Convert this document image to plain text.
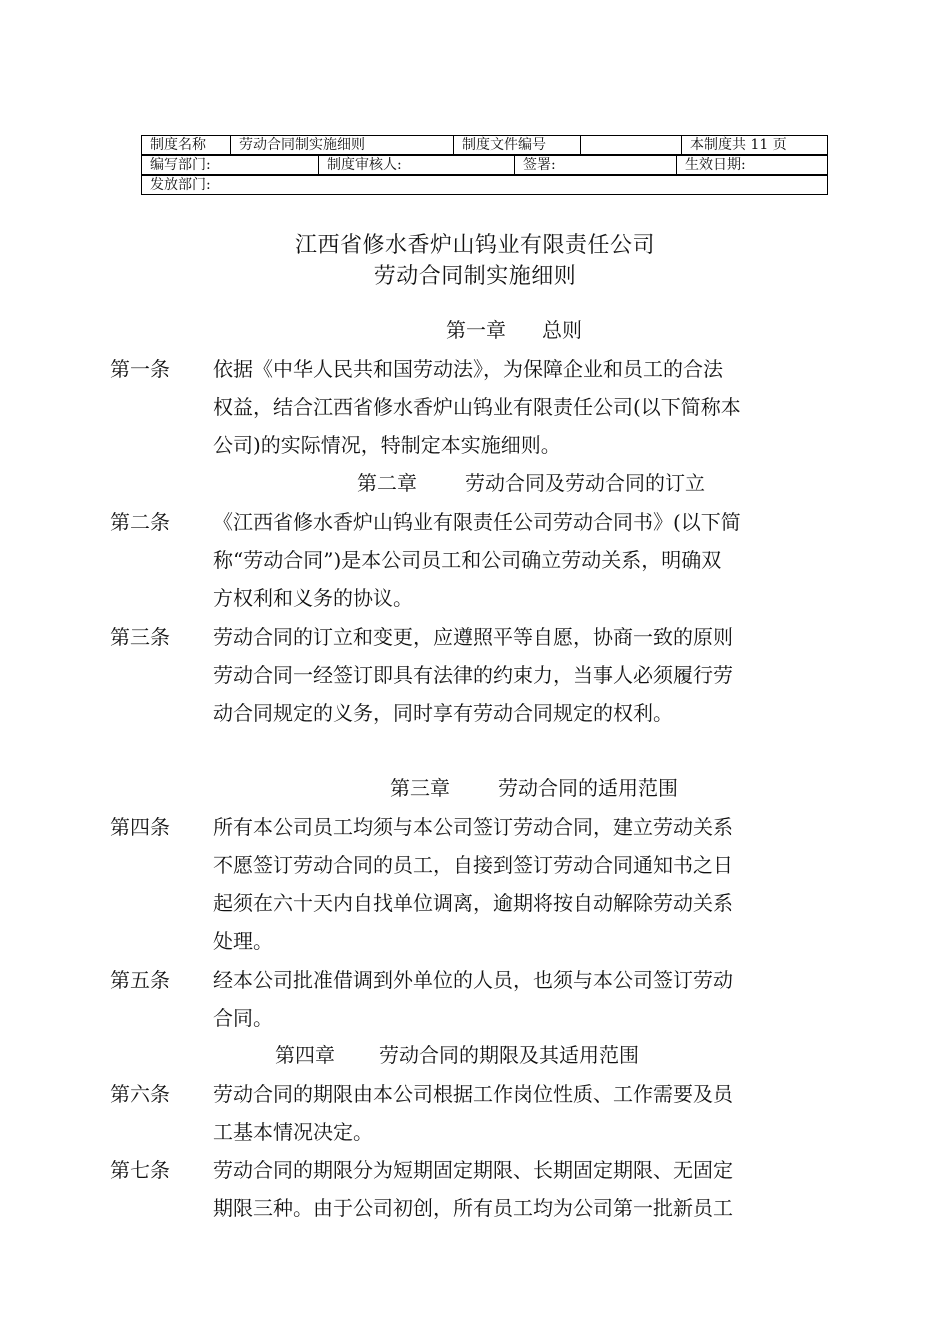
制度名称	劳动合同制实施细则	制度文件编号		本制度共 11 页
编写部门:	制度审核人:	签署:	生效日期:
发放部门:
江西省修水香炉山钨业有限责任公司
劳动合同制实施细则
第一章 总则
第一条 依据《中华人民共和国劳动法》，为保障企业和员工的合法
权益，结合江西省修水香炉山钨业有限责任公司(以下简称本
公司)的实际情况，特制定本实施细则。
第二章 劳动合同及劳动合同的订立
第二条 《江西省修水香炉山钨业有限责任公司劳动合同书》(以下简
称“劳动合同”)是本公司员工和公司确立劳动关系，明确双
方权利和义务的协议。
第三条 劳动合同的订立和变更，应遵照平等自愿，协商一致的原则
劳动合同一经签订即具有法律的约束力，当事人必须履行劳
动合同规定的义务，同时享有劳动合同规定的权利。
第三章 劳动合同的适用范围
第四条 所有本公司员工均须与本公司签订劳动合同，建立劳动关系
不愿签订劳动合同的员工，自接到签订劳动合同通知书之日
起须在六十天内自找单位调离，逾期将按自动解除劳动关系
处理。
第五条 经本公司批准借调到外单位的人员，也须与本公司签订劳动
合同。
第四章 劳动合同的期限及其适用范围
第六条 劳动合同的期限由本公司根据工作岗位性质、工作需要及员
工基本情况决定。
第七条 劳动合同的期限分为短期固定期限、长期固定期限、无固定
期限三种。由于公司初创，所有员工均为公司第一批新员工
